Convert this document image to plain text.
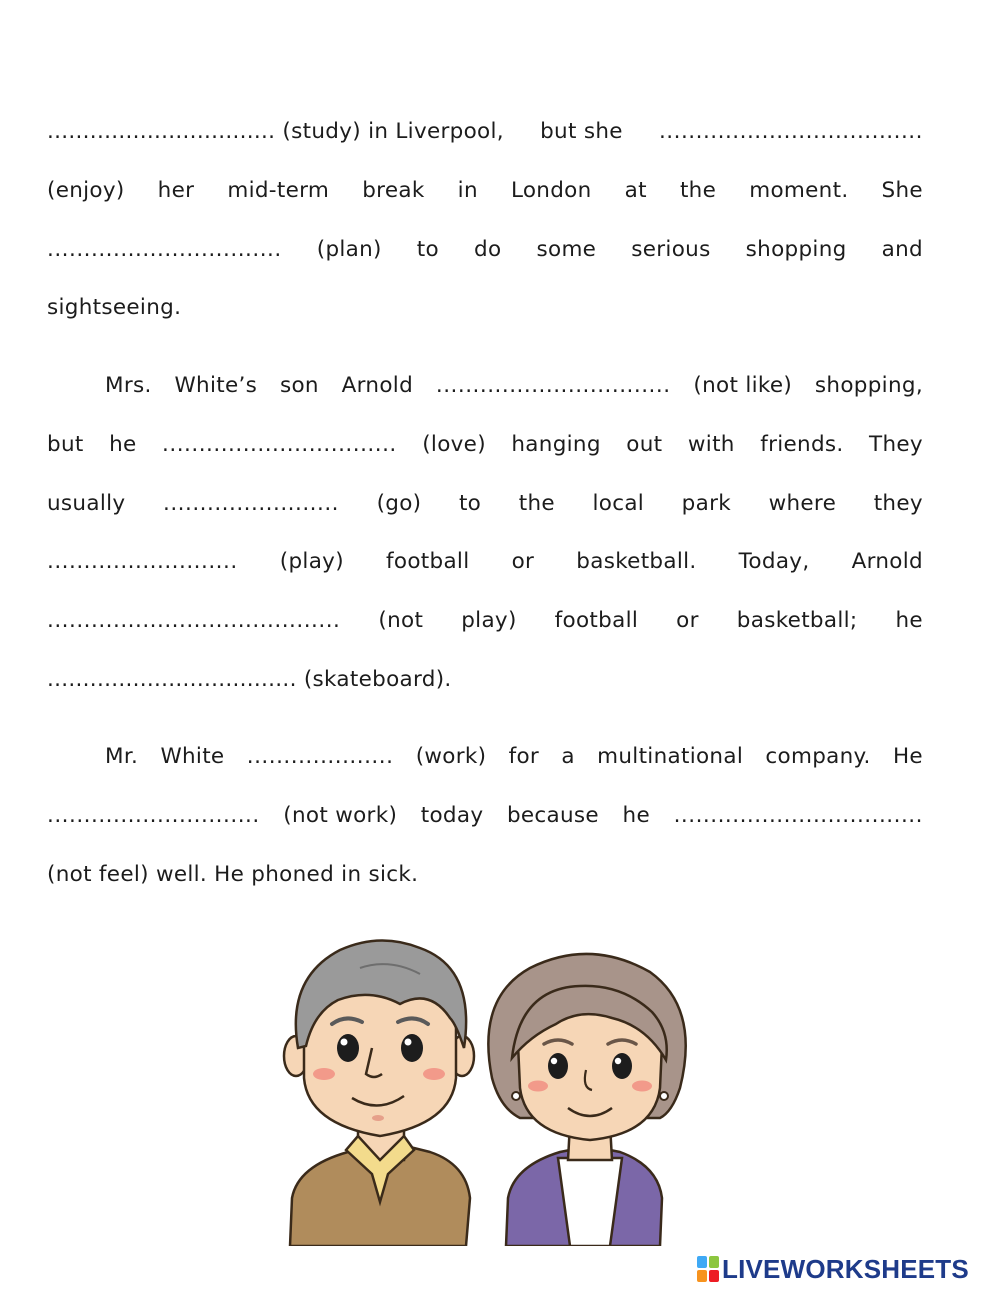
................................ (study) in Liverpool, but she ....................................
(enjoy) her mid-term break in London at the moment. She
................................ (plan) to do some serious shopping and
sightseeing.
Mrs. White’s son Arnold ................................ (not like) shopping,
but he ................................ (love) hanging out with friends. They
usually ........................ (go) to the local park where they
.......................... (play) football or basketball. Today, Arnold
........................................ (not play) football or basketball; he
................................... (skateboard).
Mr. White .................... (work) for a multinational company. He
............................. (not work) today because he ..................................
(not feel) well. He phoned in sick.
LIVEWORKSHEETS
